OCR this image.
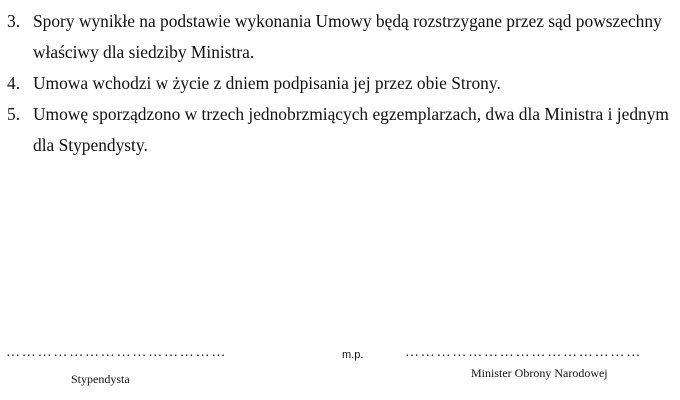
3. Spory wynikłe na podstawie wykonania Umowy będą rozstrzygane przez sąd powszechny
właściwy dla siedziby Ministra.
4. Umowa wchodzi w życie z dniem podpisania jej przez obie Strony.
5. Umowę sporządzono w trzech jednobrzmiących egzemplarzach, dwa dla Ministra i jednym
dla Stypendysty.
……………………………………	m.p.	………………………………………
Stypendysta	Minister Obrony Narodowej
